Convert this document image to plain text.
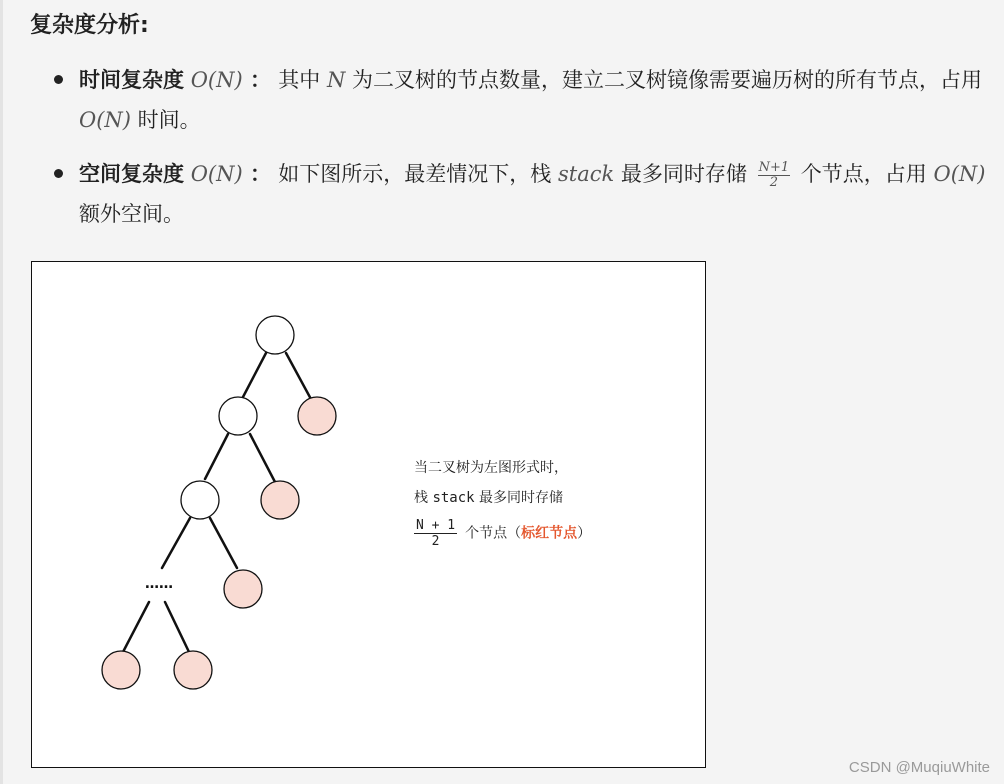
复杂度分析:
时间复杂度 O(N) ： 其中 N 为二叉树的节点数量，建立二叉树镜像需要遍历树的所有节点，占用 O(N) 时间。
空间复杂度 O(N) ： 如下图所示，最差情况下，栈 stack 最多同时存储 $\frac{N+1}{2}$ 个节点，占用 O(N) 额外空间。
……
当二叉树为左图形式时，
栈 stack 最多同时存储
$\frac{N + 1}{2}$ 个节点（标红节点）
CSDN @MuqiuWhite
